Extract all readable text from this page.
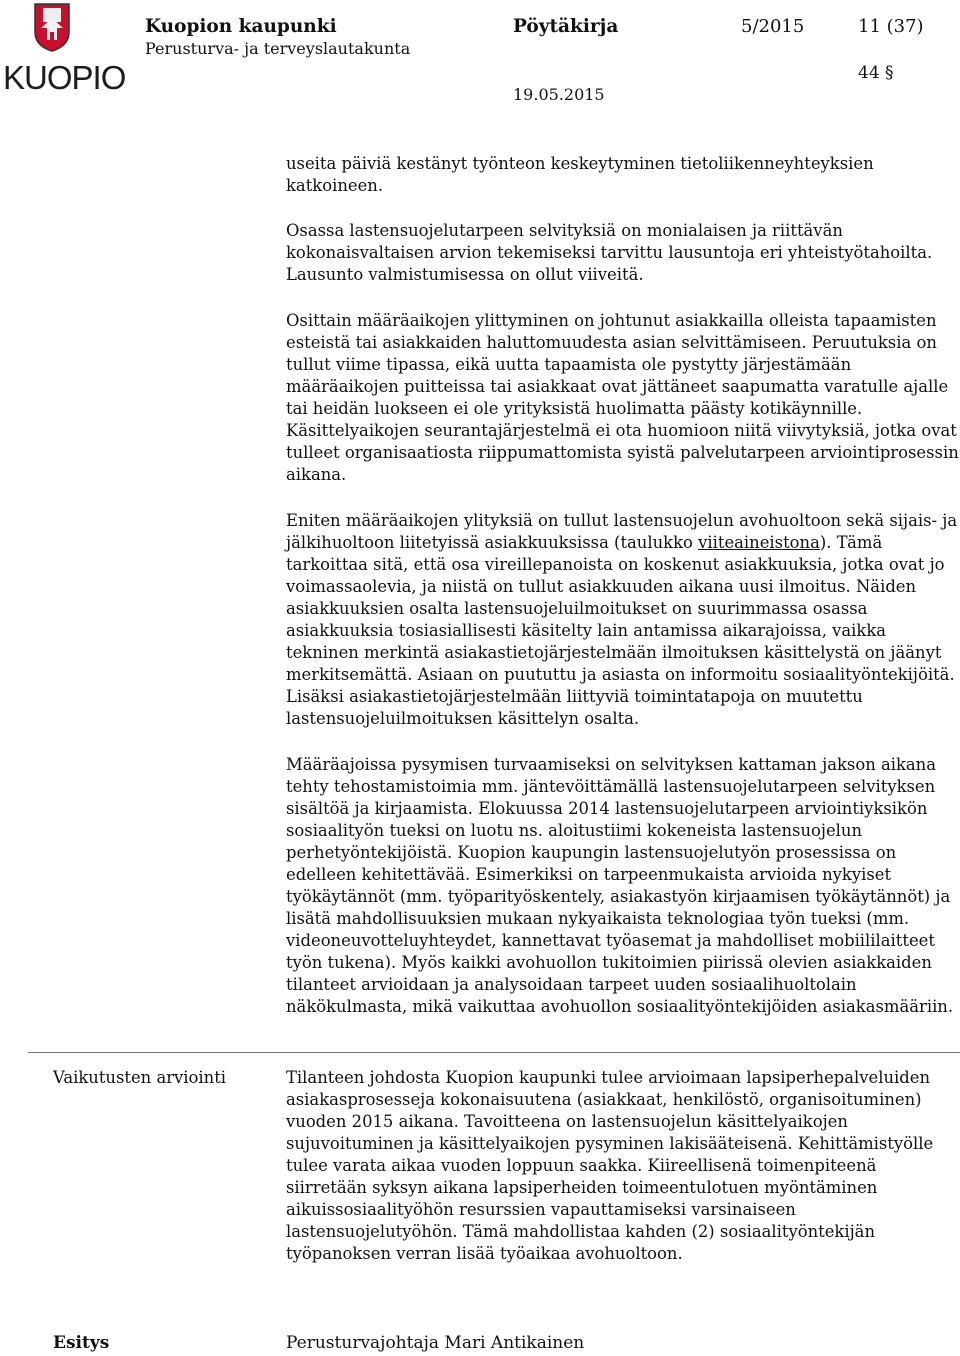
KUOPIO
Kuopion kaupunki
Perusturva- ja terveyslautakunta
Pöytäkirja	5/2015	11 (37)
44 §
19.05.2015

useita päiviä kestänyt työnteon keskeytyminen tietoliikenneyhteyksien katkoineen.

Osassa lastensuojelutarpeen selvityksiä on monialaisen ja riittävän kokonaisvaltaisen arvion tekemiseksi tarvittu lausuntoja eri yhteistyötahoilta. Lausunto valmistumisessa on ollut viiveitä.

Osittain määräaikojen ylittyminen on johtunut asiakkailla olleista tapaamisten esteistä tai asiakkaiden haluttomuudesta asian selvittämiseen. Peruutuksia on tullut viime tipassa, eikä uutta tapaamista ole pystytty järjestämään määräaikojen puitteissa tai asiakkaat ovat jättäneet saapumatta varatulle ajalle tai heidän luokseen ei ole yrityksistä huolimatta päästy kotikäynnille. Käsittelyaikojen seurantajärjestelmä ei ota huomioon niitä viivytyksiä, jotka ovat tulleet organisaatiosta riippumattomista syistä palvelutarpeen arviointiprosessin aikana.

Eniten määräaikojen ylityksiä on tullut lastensuojelun avohuoltoon sekä sijais- ja jälkihuoltoon liitetyissä asiakkuuksissa (taulukko viiteaineistona). Tämä tarkoittaa sitä, että osa vireillepanoista on koskenut asiakkuuksia, jotka ovat jo voimassaolevia, ja niistä on tullut asiakkuuden aikana uusi ilmoitus. Näiden asiakkuuksien osalta lastensuojeluilmoitukset on suurimmassa osassa asiakkuuksia tosiasiallisesti käsitelty lain antamissa aikarajoissa, vaikka tekninen merkintä asiakastietojärjestelmään ilmoituksen käsittelystä on jäänyt merkitsemättä. Asiaan on puututtu ja asiasta on informoitu sosiaalityöntekijöitä. Lisäksi asiakastietojärjestelmään liittyviä toimintatapoja on muutettu lastensuojeluilmoituksen käsittelyn osalta.

Määräajoissa pysymisen turvaamiseksi on selvityksen kattaman jakson aikana tehty tehostamistoimia mm. jäntevöittämällä lastensuojelutarpeen selvityksen sisältöä ja kirjaamista. Elokuussa 2014 lastensuojelutarpeen arviointiyksikön sosiaalityön tueksi on luotu ns. aloitustiimi kokeneista lastensuojelun perhetyöntekijöistä. Kuopion kaupungin lastensuojelutyön prosessissa on edelleen kehitettävää. Esimerkiksi on tarpeenmukaista arvioida nykyiset työkäytännöt (mm. työparityöskentely, asiakastyön kirjaamisen työkäytännöt) ja lisätä mahdollisuuksien mukaan nykyaikaista teknologiaa työn tueksi (mm. videoneuvotteluyhteydet, kannettavat työasemat ja mahdolliset mobiililaitteet työn tukena). Myös kaikki avohuollon tukitoimien piirissä olevien asiakkaiden tilanteet arvioidaan ja analysoidaan tarpeet uuden sosiaalihuoltolain näkökulmasta, mikä vaikuttaa avohuollon sosiaalityöntekijöiden asiakasmääriin.

Vaikutusten arviointi	Tilanteen johdosta Kuopion kaupunki tulee arvioimaan lapsiperhepalveluiden asiakasprosesseja kokonaisuutena (asiakkaat, henkilöstö, organisoituminen) vuoden 2015 aikana. Tavoitteena on lastensuojelun käsittelyaikojen sujuvoituminen ja käsittelyaikojen pysyminen lakisääteisenä. Kehittämistyölle tulee varata aikaa vuoden loppuun saakka. Kiireellisenä toimenpiteenä siirretään syksyn aikana lapsiperheiden toimeentulotuen myöntäminen aikuissosiaalityöhön resurssien vapauttamiseksi varsinaiseen lastensuojelutyöhön. Tämä mahdollistaa kahden (2) sosiaalityöntekijän työpanoksen verran lisää työaikaa avohuoltoon.

Esitys	Perusturvajohtaja Mari Antikainen
